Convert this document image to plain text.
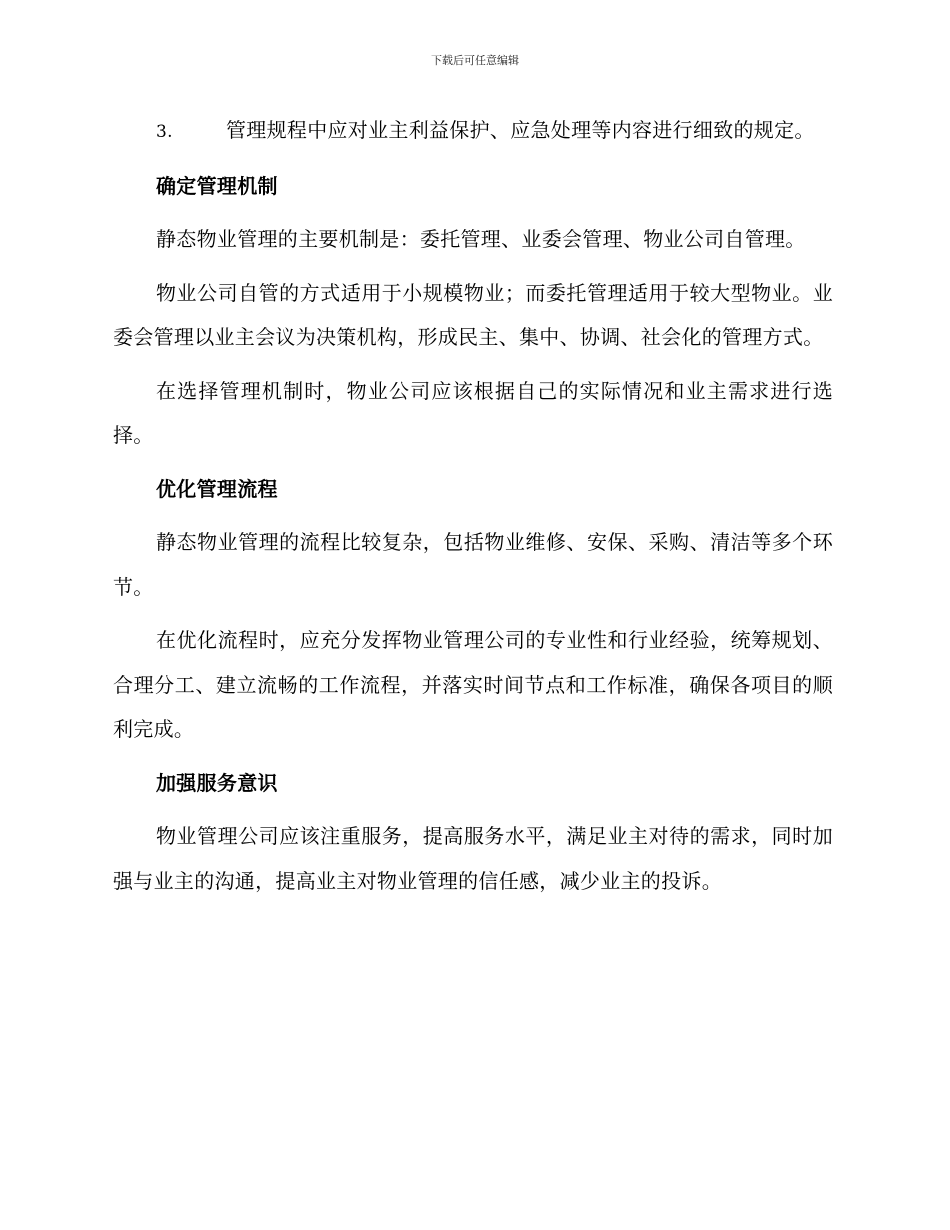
下载后可任意编辑

3.	管理规程中应对业主利益保护、应急处理等内容进行细致的规定。

确定管理机制

静态物业管理的主要机制是：委托管理、业委会管理、物业公司自管理。

物业公司自管的方式适用于小规模物业；而委托管理适用于较大型物业。业委会管理以业主会议为决策机构，形成民主、集中、协调、社会化的管理方式。

在选择管理机制时，物业公司应该根据自己的实际情况和业主需求进行选择。

优化管理流程

静态物业管理的流程比较复杂，包括物业维修、安保、采购、清洁等多个环节。

在优化流程时，应充分发挥物业管理公司的专业性和行业经验，统筹规划、合理分工、建立流畅的工作流程，并落实时间节点和工作标准，确保各项目的顺利完成。

加强服务意识

物业管理公司应该注重服务，提高服务水平，满足业主对待的需求，同时加强与业主的沟通，提高业主对物业管理的信任感，减少业主的投诉。
